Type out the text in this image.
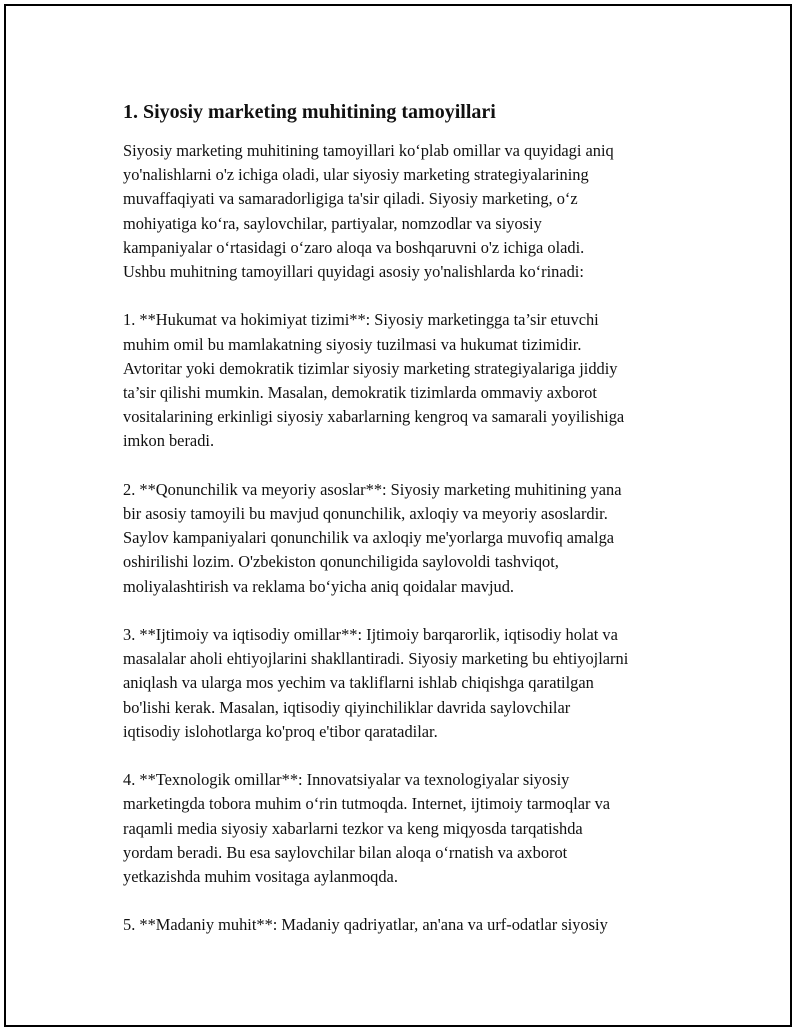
1. Siyosiy marketing muhitining tamoyillari

Siyosiy marketing muhitining tamoyillari ko‘plab omillar va quyidagi aniq
yo'nalishlarni o'z ichiga oladi, ular siyosiy marketing strategiyalarining
muvaffaqiyati va samaradorligiga ta'sir qiladi. Siyosiy marketing, o‘z
mohiyatiga ko‘ra, saylovchilar, partiyalar, nomzodlar va siyosiy
kampaniyalar o‘rtasidagi o‘zaro aloqa va boshqaruvni o'z ichiga oladi.
Ushbu muhitning tamoyillari quyidagi asosiy yo'nalishlarda ko‘rinadi:

1. **Hukumat va hokimiyat tizimi**: Siyosiy marketingga ta’sir etuvchi
muhim omil bu mamlakatning siyosiy tuzilmasi va hukumat tizimidir.
Avtoritar yoki demokratik tizimlar siyosiy marketing strategiyalariga jiddiy
ta’sir qilishi mumkin. Masalan, demokratik tizimlarda ommaviy axborot
vositalarining erkinligi siyosiy xabarlarning kengroq va samarali yoyilishiga
imkon beradi.

2. **Qonunchilik va meyoriy asoslar**: Siyosiy marketing muhitining yana
bir asosiy tamoyili bu mavjud qonunchilik, axloqiy va meyoriy asoslardir.
Saylov kampaniyalari qonunchilik va axloqiy me'yorlarga muvofiq amalga
oshirilishi lozim. O'zbekiston qonunchiligida saylovoldi tashviqot,
moliyalashtirish va reklama bo‘yicha aniq qoidalar mavjud.

3. **Ijtimoiy va iqtisodiy omillar**: Ijtimoiy barqarorlik, iqtisodiy holat va
masalalar aholi ehtiyojlarini shakllantiradi. Siyosiy marketing bu ehtiyojlarni
aniqlash va ularga mos yechim va takliflarni ishlab chiqishga qaratilgan
bo'lishi kerak. Masalan, iqtisodiy qiyinchiliklar davrida saylovchilar
iqtisodiy islohotlarga ko'proq e'tibor qaratadilar.

4. **Texnologik omillar**: Innovatsiyalar va texnologiyalar siyosiy
marketingda tobora muhim o‘rin tutmoqda. Internet, ijtimoiy tarmoqlar va
raqamli media siyosiy xabarlarni tezkor va keng miqyosda tarqatishda
yordam beradi. Bu esa saylovchilar bilan aloqa o‘rnatish va axborot
yetkazishda muhim vositaga aylanmoqda.

5. **Madaniy muhit**: Madaniy qadriyatlar, an'ana va urf-odatlar siyosiy
